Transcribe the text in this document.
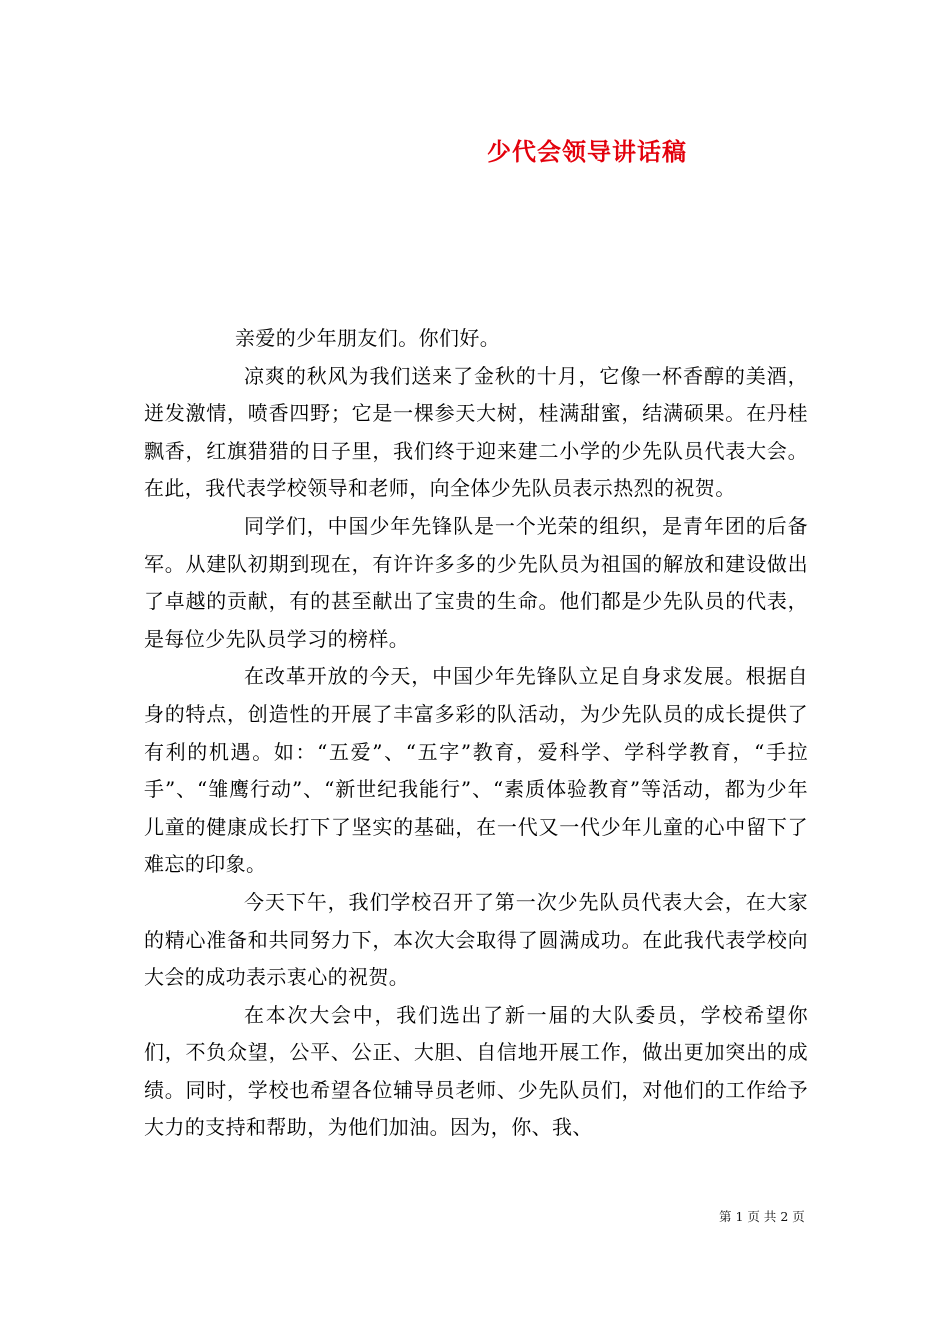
少代会领导讲话稿

亲爱的少年朋友们。你们好。

凉爽的秋风为我们送来了金秋的十月，它像一杯香醇的美酒，迸发激情，喷香四野；它是一棵参天大树，桂满甜蜜，结满硕果。在丹桂飘香，红旗猎猎的日子里，我们终于迎来建二小学的少先队员代表大会。在此，我代表学校领导和老师，向全体少先队员表示热烈的祝贺。

同学们，中国少年先锋队是一个光荣的组织，是青年团的后备军。从建队初期到现在，有许许多多的少先队员为祖国的解放和建设做出了卓越的贡献，有的甚至献出了宝贵的生命。他们都是少先队员的代表，是每位少先队员学习的榜样。

在改革开放的今天，中国少年先锋队立足自身求发展。根据自身的特点，创造性的开展了丰富多彩的队活动，为少先队员的成长提供了有利的机遇。如：“五爱”、“五字”教育，爱科学、学科学教育，“手拉手”、“雏鹰行动”、“新世纪我能行”、“素质体验教育”等活动，都为少年儿童的健康成长打下了坚实的基础，在一代又一代少年儿童的心中留下了难忘的印象。

今天下午，我们学校召开了第一次少先队员代表大会，在大家的精心准备和共同努力下，本次大会取得了圆满成功。在此我代表学校向大会的成功表示衷心的祝贺。

在本次大会中，我们选出了新一届的大队委员，学校希望你们，不负众望，公平、公正、大胆、自信地开展工作，做出更加突出的成绩。同时，学校也希望各位辅导员老师、少先队员们，对他们的工作给予大力的支持和帮助，为他们加油。因为，你、我、

第 1 页 共 2 页
